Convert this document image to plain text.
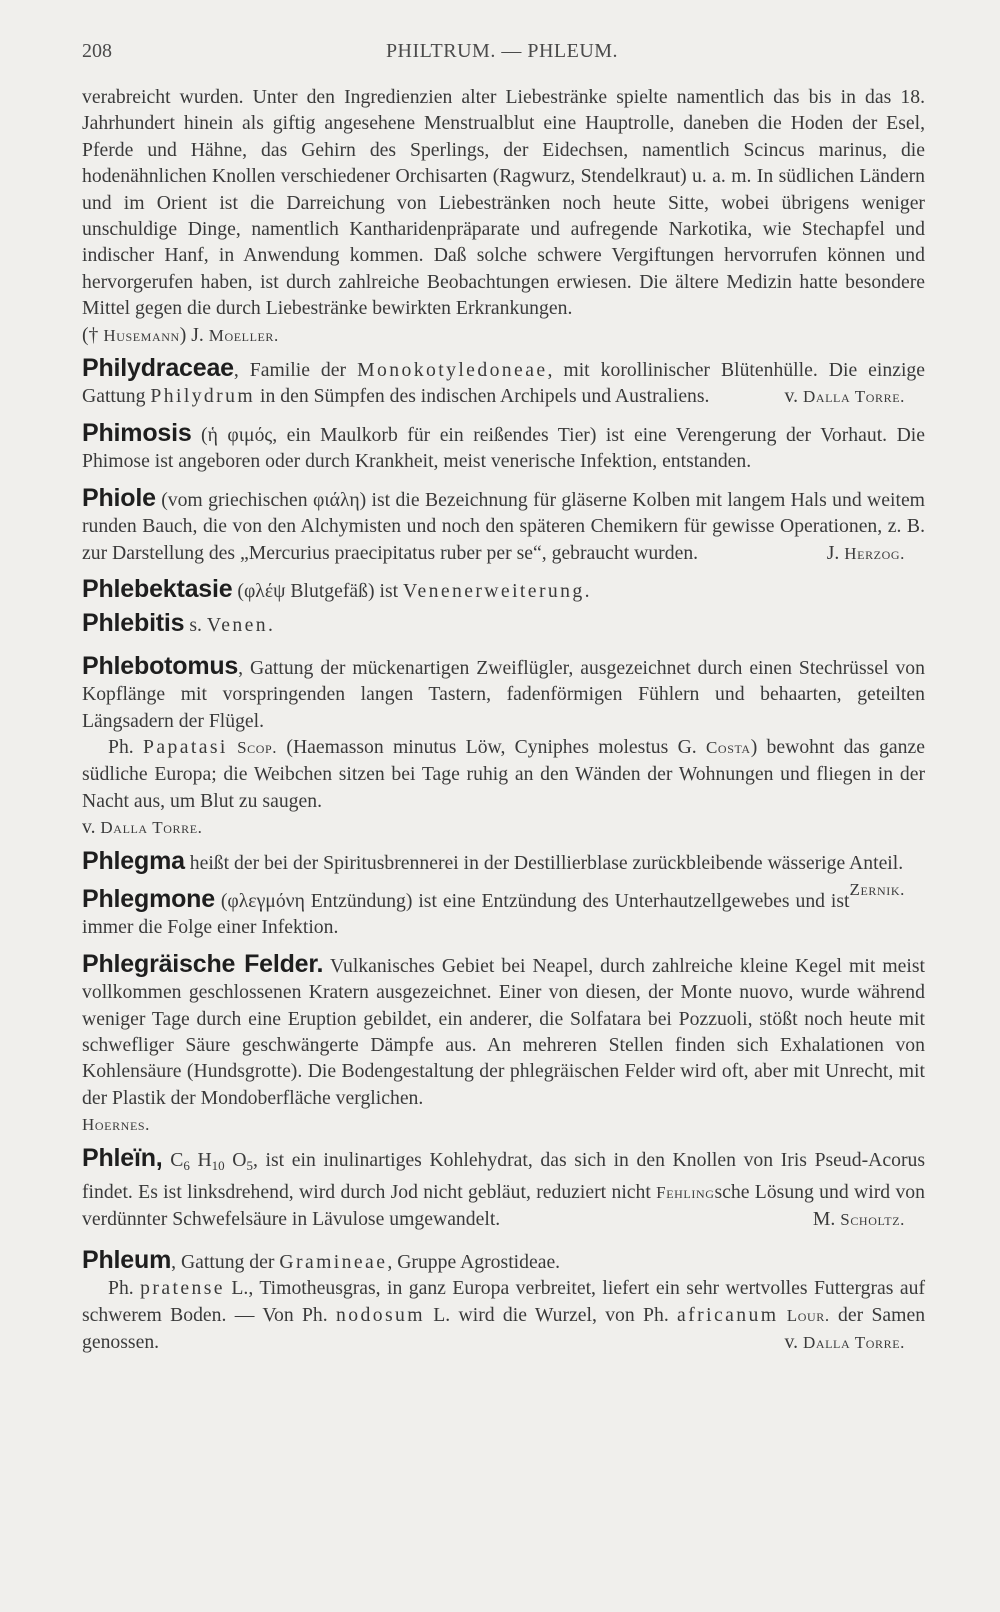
208	PHILTRUM. — PHLEUM.

verabreicht wurden. Unter den Ingredienzien alter Liebestränke spielte namentlich das bis in das 18. Jahrhundert hinein als giftig angesehene Menstrualblut eine Hauptrolle, daneben die Hoden der Esel, Pferde und Hähne, das Gehirn des Sperlings, der Eidechsen, namentlich Scincus marinus, die hodenähnlichen Knollen verschiedener Orchisarten (Ragwurz, Stendelkraut) u. a. m. In südlichen Ländern und im Orient ist die Darreichung von Liebestränken noch heute Sitte, wobei übrigens weniger unschuldige Dinge, namentlich Kantharidenpräparate und aufregende Narkotika, wie Stechapfel und indischer Hanf, in Anwendung kommen. Daß solche schwere Vergiftungen hervorrufen können und hervorgerufen haben, ist durch zahlreiche Beobachtungen erwiesen. Die ältere Medizin hatte besondere Mittel gegen die durch Liebestränke bewirkten Erkrankungen.

(† Husemann) J. Moeller.

Philydraceae, Familie der Monokotyledoneae, mit korollinischer Blütenhülle. Die einzige Gattung Philydrum in den Sümpfen des indischen Archipels und Australiens.	v. Dalla Torre.

Phimosis (ἡ φιμός, ein Maulkorb für ein reißendes Tier) ist eine Verengerung der Vorhaut. Die Phimose ist angeboren oder durch Krankheit, meist venerische Infektion, entstanden.

Phiole (vom griechischen φιάλη) ist die Bezeichnung für gläserne Kolben mit langem Hals und weitem runden Bauch, die von den Alchymisten und noch den späteren Chemikern für gewisse Operationen, z. B. zur Darstellung des „Mercurius praecipitatus ruber per se“, gebraucht wurden.	J. Herzog.

Phlebektasie (φλέψ Blutgefäß) ist Venenerweiterung.

Phlebitis s. Venen.

Phlebotomus, Gattung der mückenartigen Zweiflügler, ausgezeichnet durch einen Stechrüssel von Kopflänge mit vorspringenden langen Tastern, fadenförmigen Fühlern und behaarten, geteilten Längsadern der Flügel.

Ph. Papatasi Scop. (Haemasson minutus Löw, Cyniphes molestus G. Costa) bewohnt das ganze südliche Europa; die Weibchen sitzen bei Tage ruhig an den Wänden der Wohnungen und fliegen in der Nacht aus, um Blut zu saugen.

v. Dalla Torre.

Phlegma heißt der bei der Spiritusbrennerei in der Destillierblase zurückbleibende wässerige Anteil.
Zernik.

Phlegmone (φλεγμόνη Entzündung) ist eine Entzündung des Unterhautzellgewebes und ist immer die Folge einer Infektion.

Phlegräische Felder. Vulkanisches Gebiet bei Neapel, durch zahlreiche kleine Kegel mit meist vollkommen geschlossenen Kratern ausgezeichnet. Einer von diesen, der Monte nuovo, wurde während weniger Tage durch eine Eruption gebildet, ein anderer, die Solfatara bei Pozzuoli, stößt noch heute mit schwefliger Säure geschwängerte Dämpfe aus. An mehreren Stellen finden sich Exhalationen von Kohlensäure (Hundsgrotte). Die Bodengestaltung der phlegräischen Felder wird oft, aber mit Unrecht, mit der Plastik der Mondoberfläche verglichen.

Hoernes.

Phleïn, $C_6$ $H_{10}$ $O_5$, ist ein inulinartiges Kohlehydrat, das sich in den Knollen von Iris Pseud-Acorus findet. Es ist linksdrehend, wird durch Jod nicht gebläut, reduziert nicht Fehlingsche Lösung und wird von verdünnter Schwefelsäure in Lävulose umgewandelt.	M. Scholtz.

Phleum, Gattung der Gramineae, Gruppe Agrostideae.

Ph. pratense L., Timotheusgras, in ganz Europa verbreitet, liefert ein sehr wertvolles Futtergras auf schwerem Boden. — Von Ph. nodosum L. wird die Wurzel, von Ph. africanum Lour. der Samen genossen.	v. Dalla Torre.
